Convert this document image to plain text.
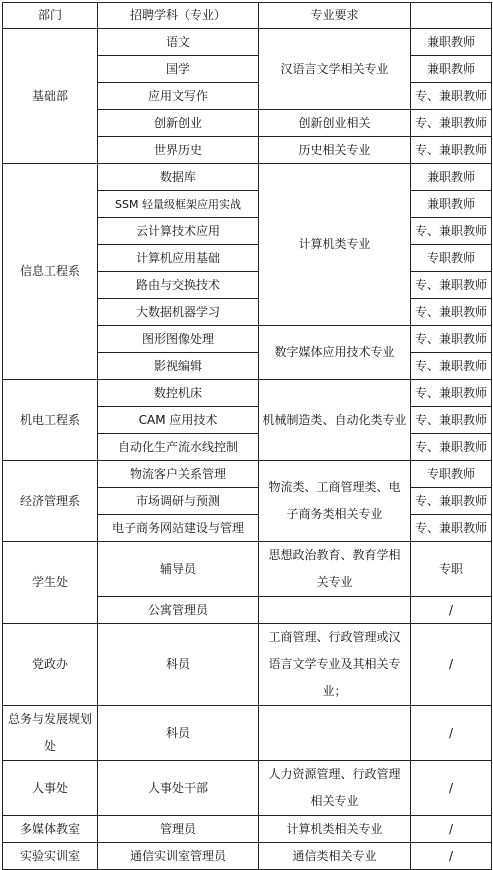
部门	招聘学科（专业）	专业要求	
基础部	语文	汉语言文学相关专业	兼职教师
	国学		兼职教师
	应用文写作		专、兼职教师
	创新创业	创新创业相关	专、兼职教师
	世界历史	历史相关专业	专、兼职教师
信息工程系	数据库	计算机类专业	兼职教师
	SSM 轻量级框架应用实战		兼职教师
	云计算技术应用		专、兼职教师
	计算机应用基础		专职教师
	路由与交换技术		专、兼职教师
	大数据机器学习		专、兼职教师
	图形图像处理	数字媒体应用技术专业	专、兼职教师
	影视编辑		专、兼职教师
机电工程系	数控机床	机械制造类、自动化类专业	专、兼职教师
	CAM 应用技术		专、兼职教师
	自动化生产流水线控制		专、兼职教师
经济管理系	物流客户关系管理	物流类、工商管理类、电子商务类相关专业	专职教师
	市场调研与预测		专、兼职教师
	电子商务网站建设与管理		专、兼职教师
学生处	辅导员	思想政治教育、教育学相关专业	专职
	公寓管理员		/
党政办	科员	工商管理、行政管理或汉语言文学专业及其相关专业；	/
总务与发展规划处	科员		/
人事处	人事处干部	人力资源管理、行政管理相关专业	/
多媒体教室	管理员	计算机类相关专业	/
实验实训室	通信实训室管理员	通信类相关专业	/
